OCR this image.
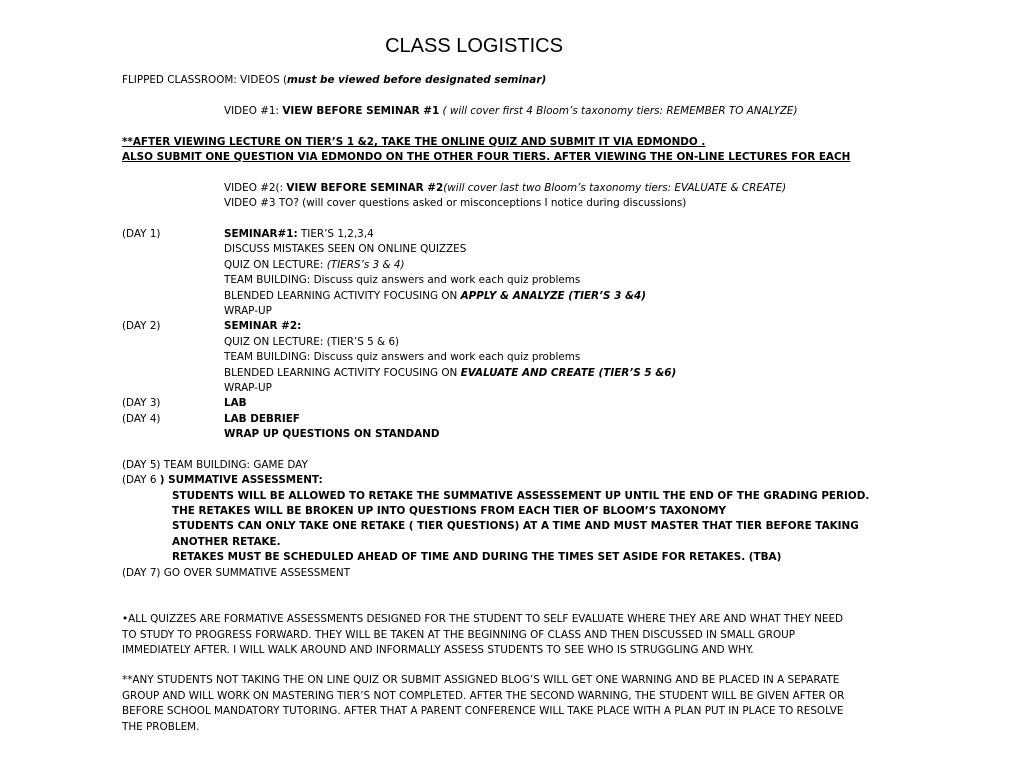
CLASS LOGISTICS
FLIPPED CLASSROOM: VIDEOS (must be viewed before designated seminar)
VIDEO #1: VIEW BEFORE SEMINAR #1 ( will cover first 4 Bloom’s taxonomy tiers: REMEMBER TO ANALYZE)
**AFTER VIEWING LECTURE ON TIER’S 1 &2, TAKE THE ONLINE QUIZ AND SUBMIT IT VIA EDMONDO .
ALSO SUBMIT ONE QUESTION VIA EDMONDO ON THE OTHER FOUR TIERS. AFTER VIEWING THE ON-LINE LECTURES FOR EACH
VIDEO #2(: VIEW BEFORE SEMINAR #2(will cover last two Bloom’s taxonomy tiers: EVALUATE & CREATE)
VIDEO #3 TO? (will cover questions asked or misconceptions I notice during discussions)
(DAY 1)	SEMINAR#1: TIER’S 1,2,3,4
DISCUSS MISTAKES SEEN ON ONLINE QUIZZES
QUIZ ON LECTURE: (TIERS’s 3 & 4)
TEAM BUILDING: Discuss quiz answers and work each quiz problems
BLENDED LEARNING ACTIVITY FOCUSING ON APPLY & ANALYZE (TIER’S 3 &4)
WRAP-UP
(DAY 2)	SEMINAR #2:
QUIZ ON LECTURE: (TIER’S 5 & 6)
TEAM BUILDING: Discuss quiz answers and work each quiz problems
BLENDED LEARNING ACTIVITY FOCUSING ON EVALUATE AND CREATE (TIER’S 5 &6)
WRAP-UP
(DAY 3)	LAB
(DAY 4)	LAB DEBRIEF
WRAP UP QUESTIONS ON STANDAND
(DAY 5) TEAM BUILDING: GAME DAY
(DAY 6 ) SUMMATIVE ASSESSMENT:
STUDENTS WILL BE ALLOWED TO RETAKE THE SUMMATIVE ASSESSEMENT UP UNTIL THE END OF THE GRADING PERIOD.
THE RETAKES WILL BE BROKEN UP INTO QUESTIONS FROM EACH TIER OF BLOOM’S TAXONOMY
STUDENTS CAN ONLY TAKE ONE RETAKE ( TIER QUESTIONS) AT A TIME AND MUST MASTER THAT TIER BEFORE TAKING
ANOTHER RETAKE.
RETAKES MUST BE SCHEDULED AHEAD OF TIME AND DURING THE TIMES SET ASIDE FOR RETAKES. (TBA)
(DAY 7) GO OVER SUMMATIVE ASSESSMENT
•ALL QUIZZES ARE FORMATIVE ASSESSMENTS DESIGNED FOR THE STUDENT TO SELF EVALUATE WHERE THEY ARE AND WHAT THEY NEED TO STUDY TO PROGRESS FORWARD. THEY WILL BE TAKEN AT THE BEGINNING OF CLASS AND THEN DISCUSSED IN SMALL GROUP IMMEDIATELY AFTER. I WILL WALK AROUND AND INFORMALLY ASSESS STUDENTS TO SEE WHO IS STRUGGLING AND WHY.
**ANY STUDENTS NOT TAKING THE ON LINE QUIZ OR SUBMIT ASSIGNED BLOG’S WILL GET ONE WARNING AND BE PLACED IN A SEPARATE GROUP AND WILL WORK ON MASTERING TIER’S NOT COMPLETED. AFTER THE SECOND WARNING, THE STUDENT WILL BE GIVEN AFTER OR BEFORE SCHOOL MANDATORY TUTORING. AFTER THAT A PARENT CONFERENCE WILL TAKE PLACE WITH A PLAN PUT IN PLACE TO RESOLVE THE PROBLEM.
